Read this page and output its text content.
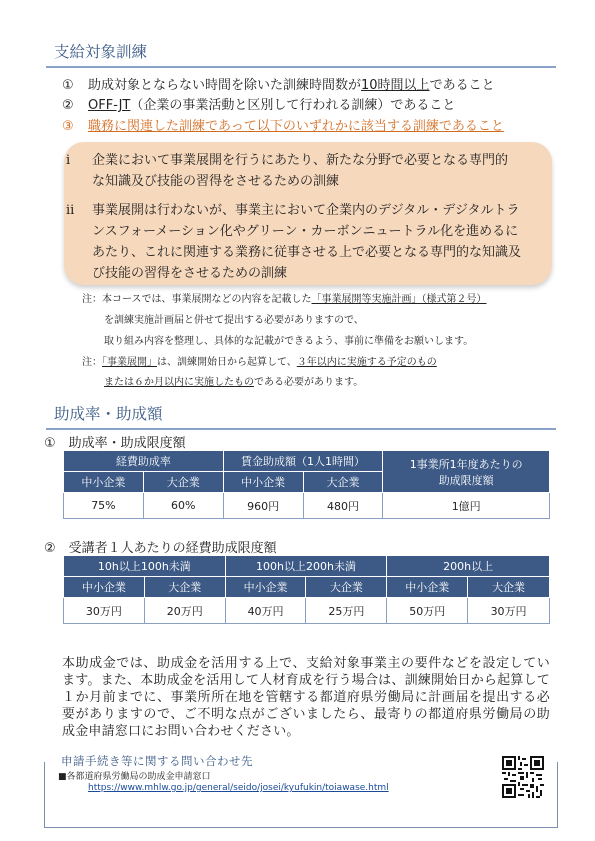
支給対象訓練
① 助成対象とならない時間を除いた訓練時間数が10時間以上であること
② OFF-JT（企業の事業活動と区別して行われる訓練）であること
③ 職務に関連した訓練であって以下のいずれかに該当する訓練であること
i 企業において事業展開を行うにあたり、新たな分野で必要となる専門的な知識及び技能の習得をさせるための訓練
ii 事業展開は行わないが、事業主において企業内のデジタル・デジタルトランスフォーメーション化やグリーン・カーボンニュートラル化を進めるにあたり、これに関連する業務に従事させる上で必要となる専門的な知識及び技能の習得をさせるための訓練
注：本コースでは、事業展開などの内容を記載した「事業展開等実施計画」（様式第２号）
を訓練実施計画届と併せて提出する必要がありますので、
取り組み内容を整理し、具体的な記載ができるよう、事前に準備をお願いします。
注：「事業展開」は、訓練開始日から起算して、３年以内に実施する予定のもの
または６か月以内に実施したものである必要があります。
助成率・助成額
①　助成率・助成限度額
経費助成率		賃金助成額（1人1時間）		1事業所1年度あたりの
助成限度額

中小企業	大企業	中小企業	大企業	
75%	60%	960円	480円	1億円
②　受講者１人あたりの経費助成限度額
10h以上100h未満		100h以上200h未満		200h以上	
中小企業	大企業	中小企業	大企業	中小企業	大企業
30万円	20万円	40万円	25万円	50万円	30万円
本助成金では、助成金を活用する上で、支給対象事業主の要件などを設定しています。また、本助成金を活用して人材育成を行う場合は、訓練開始日から起算して１か月前までに、事業所所在地を管轄する都道府県労働局に計画届を提出する必要がありますので、ご不明な点がございましたら、最寄りの都道府県労働局の助成金申請窓口にお問い合わせください。
申請手続き等に関する問い合わせ先
■各都道府県労働局の助成金申請窓口
https://www.mhlw.go.jp/general/seido/josei/kyufukin/toiawase.html
